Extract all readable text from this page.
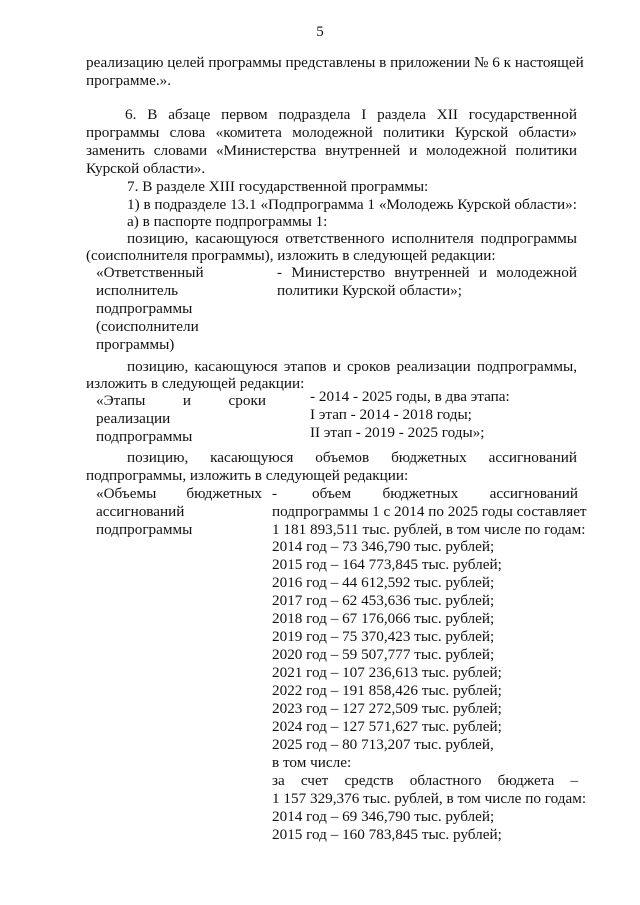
5
реализацию целей программы представлены в приложении № 6 к настоящей
программе.».
6. В абзаце первом подраздела I раздела XII государственной
программы слова «комитета молодежной политики Курской области»
заменить словами «Министерства внутренней и молодежной политики
Курской области».
7. В разделе XIII государственной программы:
1) в подразделе 13.1 «Подпрограмма 1 «Молодежь Курской области»:
а) в паспорте подпрограммы 1:
позицию, касающуюся ответственного исполнителя подпрограммы
(соисполнителя программы), изложить в следующей редакции:
«Ответственный
исполнитель
подпрограммы
(соисполнители
программы)
- Министерство внутренней и молодежной
политики Курской области»;
позицию, касающуюся этапов и сроков реализации подпрограммы,
изложить в следующей редакции:
«Этапы и сроки
реализации
подпрограммы
- 2014 - 2025 годы, в два этапа:
I этап - 2014 - 2018 годы;
II этап - 2019 - 2025 годы»;
позицию, касающуюся объемов бюджетных ассигнований
подпрограммы, изложить в следующей редакции:
«Объемы бюджетных
ассигнований
подпрограммы
- объем бюджетных ассигнований
подпрограммы 1 с 2014 по 2025 годы составляет
1 181 893,511 тыс. рублей, в том числе по годам:
2014 год – 73 346,790 тыс. рублей;
2015 год – 164 773,845 тыс. рублей;
2016 год – 44 612,592 тыс. рублей;
2017 год – 62 453,636 тыс. рублей;
2018 год – 67 176,066 тыс. рублей;
2019 год – 75 370,423 тыс. рублей;
2020 год – 59 507,777 тыс. рублей;
2021 год – 107 236,613 тыс. рублей;
2022 год – 191 858,426 тыс. рублей;
2023 год – 127 272,509 тыс. рублей;
2024 год – 127 571,627 тыс. рублей;
2025 год – 80 713,207 тыс. рублей,
в том числе:
за счет средств областного бюджета –
1 157 329,376 тыс. рублей, в том числе по годам:
2014 год – 69 346,790 тыс. рублей;
2015 год – 160 783,845 тыс. рублей;
